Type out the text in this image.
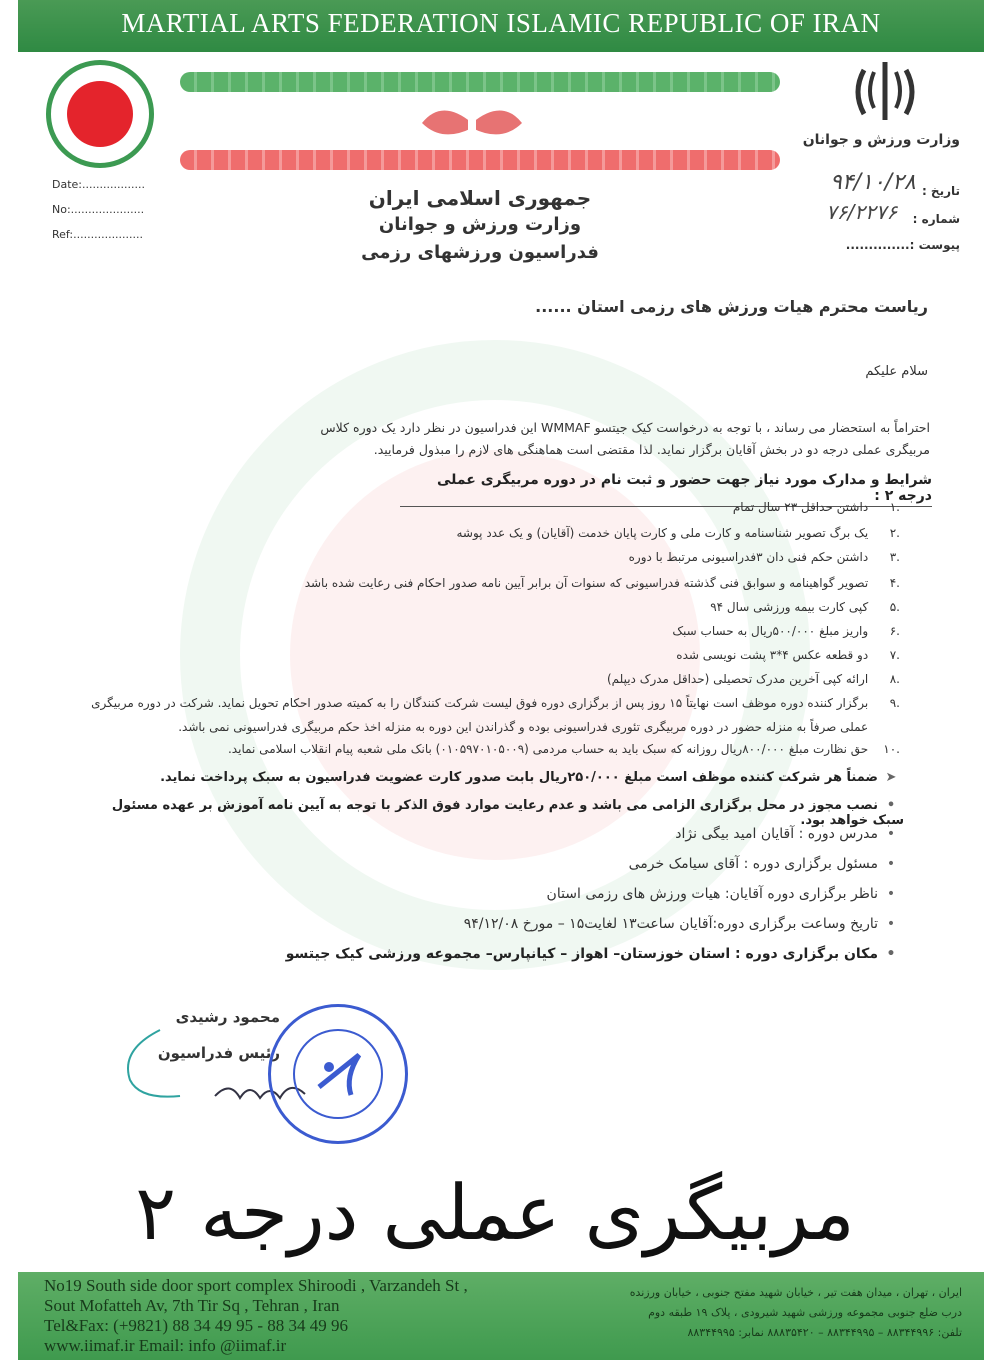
MARTIAL ARTS FEDERATION ISLAMIC REPUBLIC OF IRAN
Date:..................
No:.....................
Ref:....................
وزارت ورزش و جوانان
تاریخ :
شماره :
پیوست :..............
۹۴/۱۰/۲۸
۷۶/۲۲۷۶
جمهوری اسلامی ایران
وزارت ورزش و جوانان
فدراسیون ورزشهای رزمی
ریاست محترم هیات ورزش های رزمی استان ......
سلام علیکم
احتراماً به استحضار می رساند ، با توجه به درخواست کیک جیتسو WMMAF این فدراسیون در نظر دارد یک دوره کلاس
مربیگری عملی درجه دو در بخش آقایان برگزار نماید. لذا مقتضی است هماهنگی های لازم را مبذول فرمایید.
شرایط و مدارک مورد نیاز جهت حضور و ثبت نام در دوره مربیگری عملی درجه ۲ :
.۱ داشتن حداقل ۲۳ سال تمام
.۲ یک برگ تصویر شناسنامه و کارت ملی و کارت پایان خدمت (آقایان) و یک عدد پوشه
.۳ داشتن حکم فنی دان ۳فدراسیونی مرتبط با دوره
.۴ تصویر گواهینامه و سوابق فنی گذشته فدراسیونی که سنوات آن برابر آیین نامه صدور احکام فنی رعایت شده باشد
.۵ کپی کارت بیمه ورزشی سال ۹۴
.۶ واریز مبلغ ۵۰۰/۰۰۰ریال به حساب سبک
.۷ دو قطعه عکس ۴*۳ پشت نویسی شده
.۸ ارائه کپی آخرین مدرک تحصیلی (حداقل مدرک دیپلم)
.۹ برگزار کننده دوره موظف است نهایتاً ۱۵ روز پس از برگزاری دوره فوق لیست شرکت کنندگان را به کمیته صدور احکام تحویل نماید. شرکت در دوره مربیگری
عملی صرفاً به منزله حضور در دوره مربیگری تئوری فدراسیونی بوده و گذراندن این دوره به منزله اخذ حکم مربیگری فدراسیونی نمی باشد.
.۱۰ حق نظارت مبلغ ۸۰۰/۰۰۰ریال روزانه که سبک باید به حساب مردمی (۰۱۰۵۹۷۰۱۰۵۰۰۹) بانک ملی شعبه پیام انقلاب اسلامی نماید.
➤ضمناً هر شرکت کننده موظف است مبلغ ۲۵۰/۰۰۰ریال بابت صدور کارت عضویت فدراسیون به سبک پرداخت نماید.
•نصب مجوز در محل برگزاری الزامی می باشد و عدم رعایت موارد فوق الذکر با توجه به آیین نامه آموزش بر عهده مسئول سبک خواهد بود.
•مدرس دوره : آقایان امید بیگی نژاد
•مسئول برگزاری دوره : آقای سیامک خرمی
•ناظر برگزاری دوره آقایان: هیات ورزش های رزمی استان
•تاریخ وساعت برگزاری دوره:آقایان ساعت۱۳ لغایت۱۵ – مورخ ۹۴/۱۲/۰۸
•مکان برگزاری دوره : استان خوزستان– اهواز – کیانپارس– مجموعه ورزشی کیک جیتسو
محمود رشیدی
رئیس فدراسیون
مربیگری عملی درجه ۲
No19 South side door sport complex Shiroodi , Varzandeh St ,
Sout Mofatteh Av, 7th Tir Sq , Tehran , Iran
Tel&Fax: (+9821) 88 34 49 95 - 88 34 49 96
www.iimaf.ir Email: info @iimaf.ir
ایران ، تهران ، میدان هفت تیر ، خیابان شهید مفتح جنوبی ، خیابان ورزنده
درب ضلع جنوبی مجموعه ورزشی شهید شیرودی ، پلاک ۱۹ طبقه دوم
تلفن: ۸۸۳۴۴۹۹۶ – ۸۸۳۴۴۹۹۵ – ۸۸۸۳۵۴۲۰ نمابر: ۸۸۳۴۴۹۹۵
